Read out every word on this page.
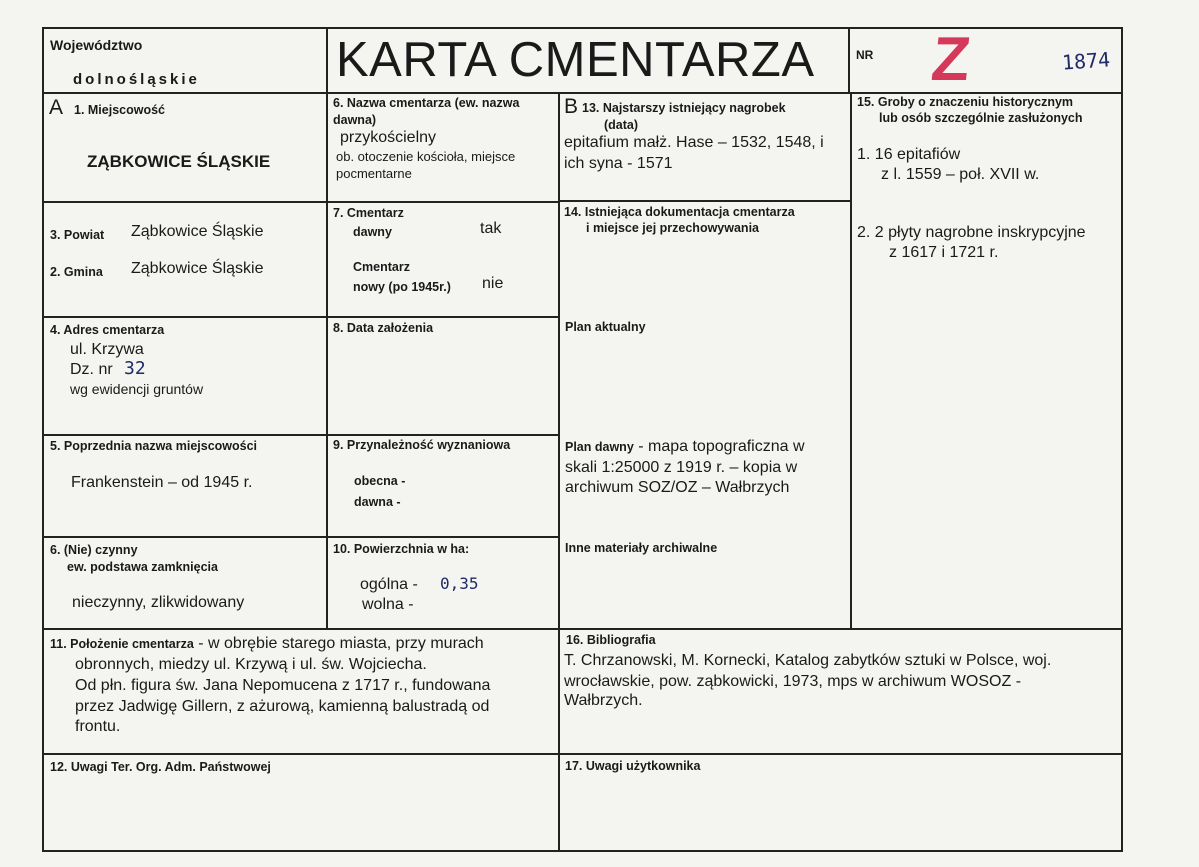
Województwo
dolnośląskie	KARTA CMENTARZA	NR Z	1874
A 1. Miejscowość
ZĄBKOWICE ŚLĄSKIE
3. Powiat Ząbkowice Śląskie
2. Gmina Ząbkowice Śląskie
4. Adres cmentarza
ul. Krzywa
Dz. nr 32
wg ewidencji gruntów
5. Poprzednia nazwa miejscowości
Frankenstein – od 1945 r.
6. (Nie) czynny
ew. podstawa zamknięcia
nieczynny, zlikwidowany
6. Nazwa cmentarza (ew. nazwa
dawna)
przykościelny
ob. otoczenie kościoła, miejsce
pocmentarne
7. Cmentarz
dawny	tak
Cmentarz
nowy (po 1945r.) nie
8. Data założenia
9. Przynależność wyznaniowa
obecna -
dawna -
10. Powierzchnia w ha:
ogólna - 0,35
wolna -
B 13. Najstarszy istniejący nagrobek
(data)
epitafium małż. Hase – 1532, 1548, i
ich syna - 1571
14. Istniejąca dokumentacja cmentarza
i miejsce jej przechowywania
Plan aktualny
Plan dawny - mapa topograficzna w
skali 1:25000 z 1919 r. – kopia w
archiwum SOZ/OZ – Wałbrzych
Inne materiały archiwalne
15. Groby o znaczeniu historycznym
lub osób szczególnie zasłużonych
1. 16 epitafiów
z l. 1559 – poł. XVII w.
2. 2 płyty nagrobne inskrypcyjne
z 1617 i 1721 r.
11. Położenie cmentarza - w obrębie starego miasta, przy murach
obronnych, miedzy ul. Krzywą i ul. św. Wojciecha.
Od płn. figura św. Jana Nepomucena z 1717 r., fundowana
przez Jadwigę Gillern, z ażurową, kamienną balustradą od
frontu.
16. Bibliografia
T. Chrzanowski, M. Kornecki, Katalog zabytków sztuki w Polsce, woj.
wrocławskie, pow. ząbkowicki, 1973, mps w archiwum WOSOZ -
Wałbrzych.
12. Uwagi Ter. Org. Adm. Państwowej	17. Uwagi użytkownika
